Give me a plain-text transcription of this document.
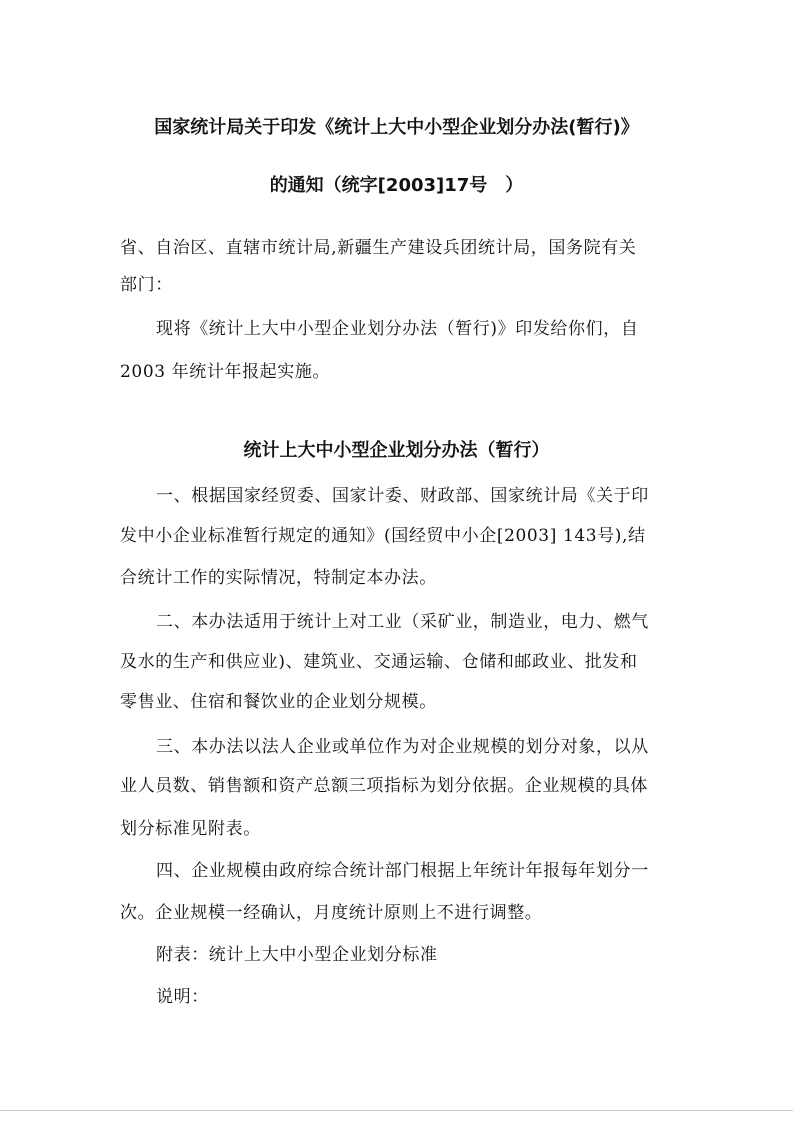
国家统计局关于印发《统计上大中小型企业划分办法(暂行)》
的通知（统字[2003]17号　）
省、自治区、直辖市统计局,新疆生产建设兵团统计局，国务院有关
部门：
现将《统计上大中小型企业划分办法（暂行)》印发给你们，自
2003 年统计年报起实施。
统计上大中小型企业划分办法（暂行）
一、根据国家经贸委、国家计委、财政部、国家统计局《关于印
发中小企业标准暂行规定的通知》(国经贸中小企[2003] 143号),结
合统计工作的实际情况，特制定本办法。
二、本办法适用于统计上对工业（采矿业，制造业，电力、燃气
及水的生产和供应业)、建筑业、交通运输、仓储和邮政业、批发和
零售业、住宿和餐饮业的企业划分规模。
三、本办法以法人企业或单位作为对企业规模的划分对象，以从
业人员数、销售额和资产总额三项指标为划分依据。企业规模的具体
划分标准见附表。
四、企业规模由政府综合统计部门根据上年统计年报每年划分一
次。企业规模一经确认，月度统计原则上不进行调整。
附表：统计上大中小型企业划分标准
说明：
